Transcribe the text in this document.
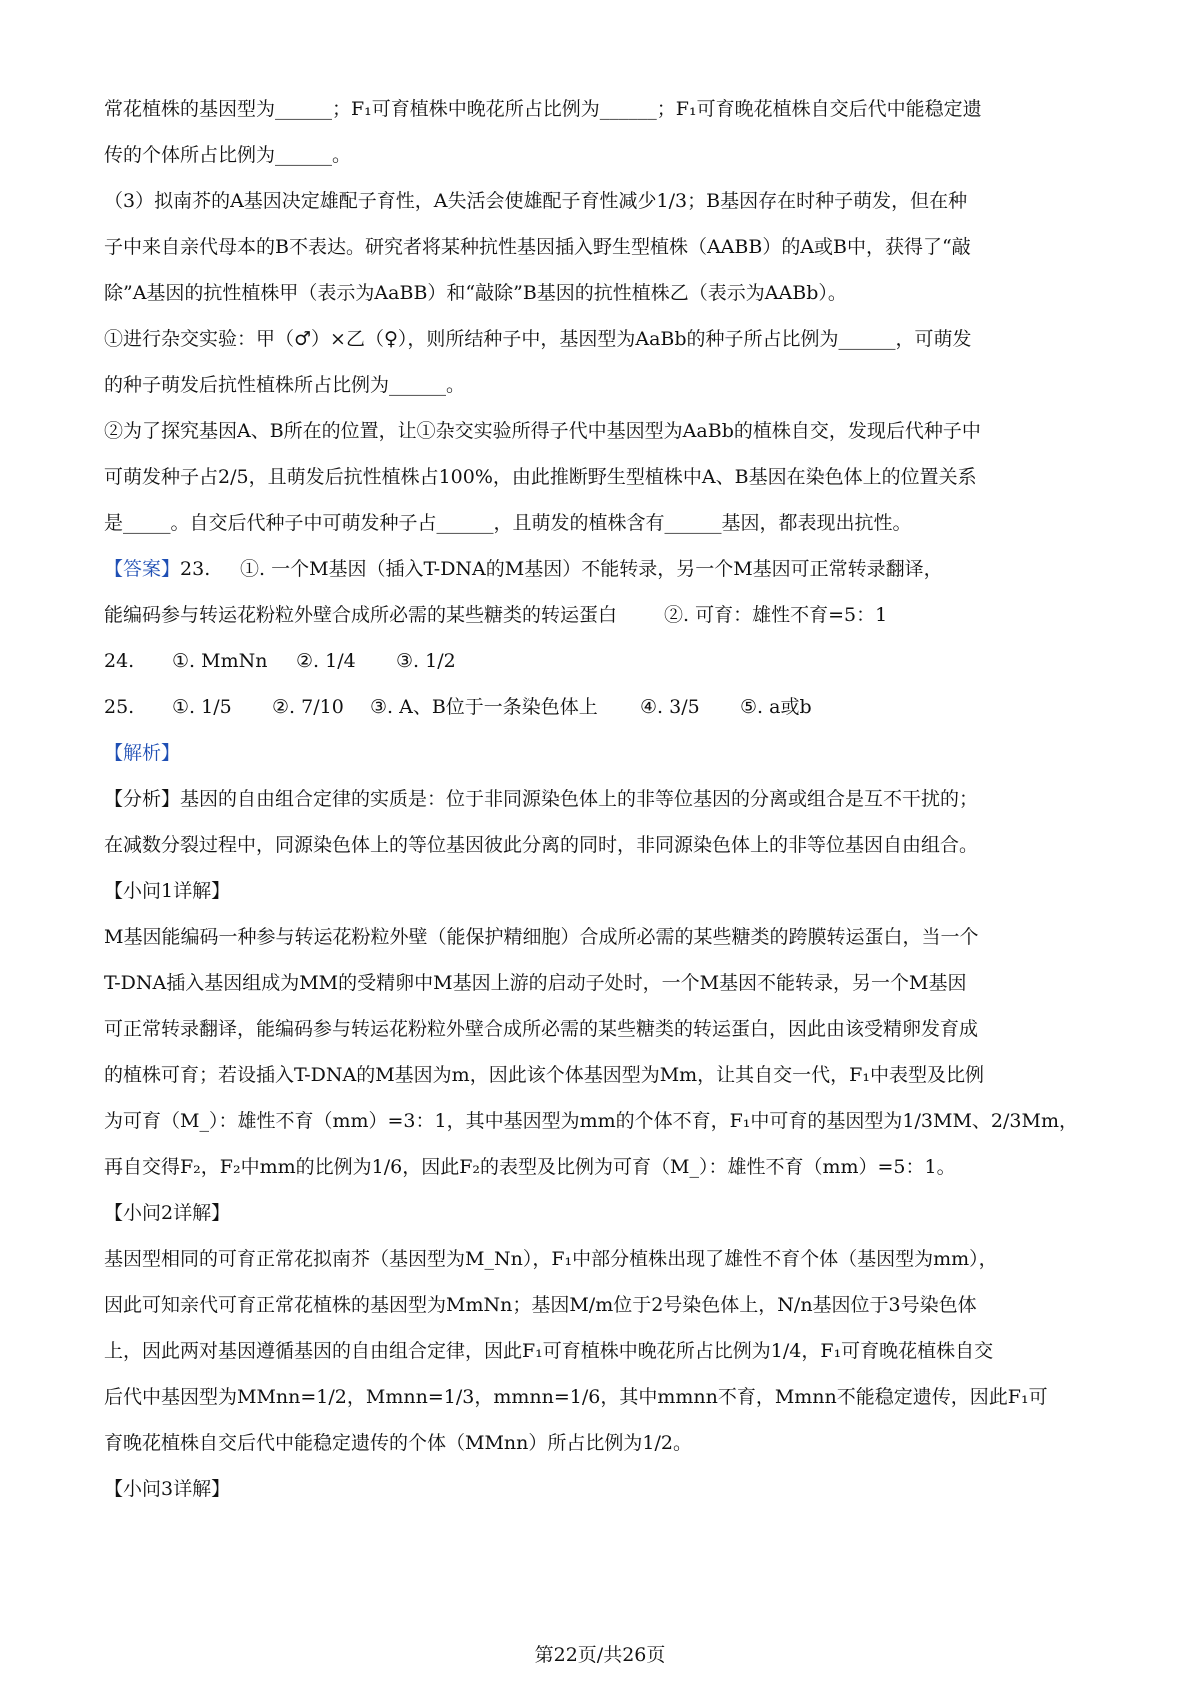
常花植株的基因型为______；F₁可育植株中晚花所占比例为______；F₁可育晚花植株自交后代中能稳定遗

传的个体所占比例为______。

（3）拟南芥的A基因决定雄配子育性，A失活会使雄配子育性减少1/3；B基因存在时种子萌发，但在种

子中来自亲代母本的B不表达。研究者将某种抗性基因插入野生型植株（AABB）的A或B中，获得了“敲

除”A基因的抗性植株甲（表示为AaBB）和“敲除”B基因的抗性植株乙（表示为AABb）。

①进行杂交实验：甲（♂）×乙（♀），则所结种子中，基因型为AaBb的种子所占比例为______，可萌发

的种子萌发后抗性植株所占比例为______。

②为了探究基因A、B所在的位置，让①杂交实验所得子代中基因型为AaBb的植株自交，发现后代种子中

可萌发种子占2/5，且萌发后抗性植株占100%，由此推断野生型植株中A、B基因在染色体上的位置关系

是_____。自交后代种子中可萌发种子占______，且萌发的植株含有______基因，都表现出抗性。

【答案】23. ①. 一个M基因（插入T-DNA的M基因）不能转录，另一个M基因可正常转录翻译，

能编码参与转运花粉粒外壁合成所必需的某些糖类的转运蛋白 ②. 可育：雄性不育=5：1

24. ①. MmNn ②. 1/4 ③. 1/2

25. ①. 1/5 ②. 7/10 ③. A、B位于一条染色体上 ④. 3/5 ⑤. a或b

【解析】

【分析】基因的自由组合定律的实质是：位于非同源染色体上的非等位基因的分离或组合是互不干扰的；

在减数分裂过程中，同源染色体上的等位基因彼此分离的同时，非同源染色体上的非等位基因自由组合。

【小问1详解】

M基因能编码一种参与转运花粉粒外壁（能保护精细胞）合成所必需的某些糖类的跨膜转运蛋白，当一个

T-DNA插入基因组成为MM的受精卵中M基因上游的启动子处时，一个M基因不能转录，另一个M基因

可正常转录翻译，能编码参与转运花粉粒外壁合成所必需的某些糖类的转运蛋白，因此由该受精卵发育成

的植株可育；若设插入T-DNA的M基因为m，因此该个体基因型为Mm，让其自交一代，F₁中表型及比例

为可育（M_）：雄性不育（mm）=3：1，其中基因型为mm的个体不育，F₁中可育的基因型为1/3MM、2/3Mm，

再自交得F₂，F₂中mm的比例为1/6，因此F₂的表型及比例为可育（M_）：雄性不育（mm）=5：1。

【小问2详解】

基因型相同的可育正常花拟南芥（基因型为M_Nn），F₁中部分植株出现了雄性不育个体（基因型为mm），

因此可知亲代可育正常花植株的基因型为MmNn；基因M/m位于2号染色体上，N/n基因位于3号染色体

上，因此两对基因遵循基因的自由组合定律，因此F₁可育植株中晚花所占比例为1/4，F₁可育晚花植株自交

后代中基因型为MMnn=1/2，Mmnn=1/3，mmnn=1/6，其中mmnn不育，Mmnn不能稳定遗传，因此F₁可

育晚花植株自交后代中能稳定遗传的个体（MMnn）所占比例为1/2。

【小问3详解】

第22页/共26页
